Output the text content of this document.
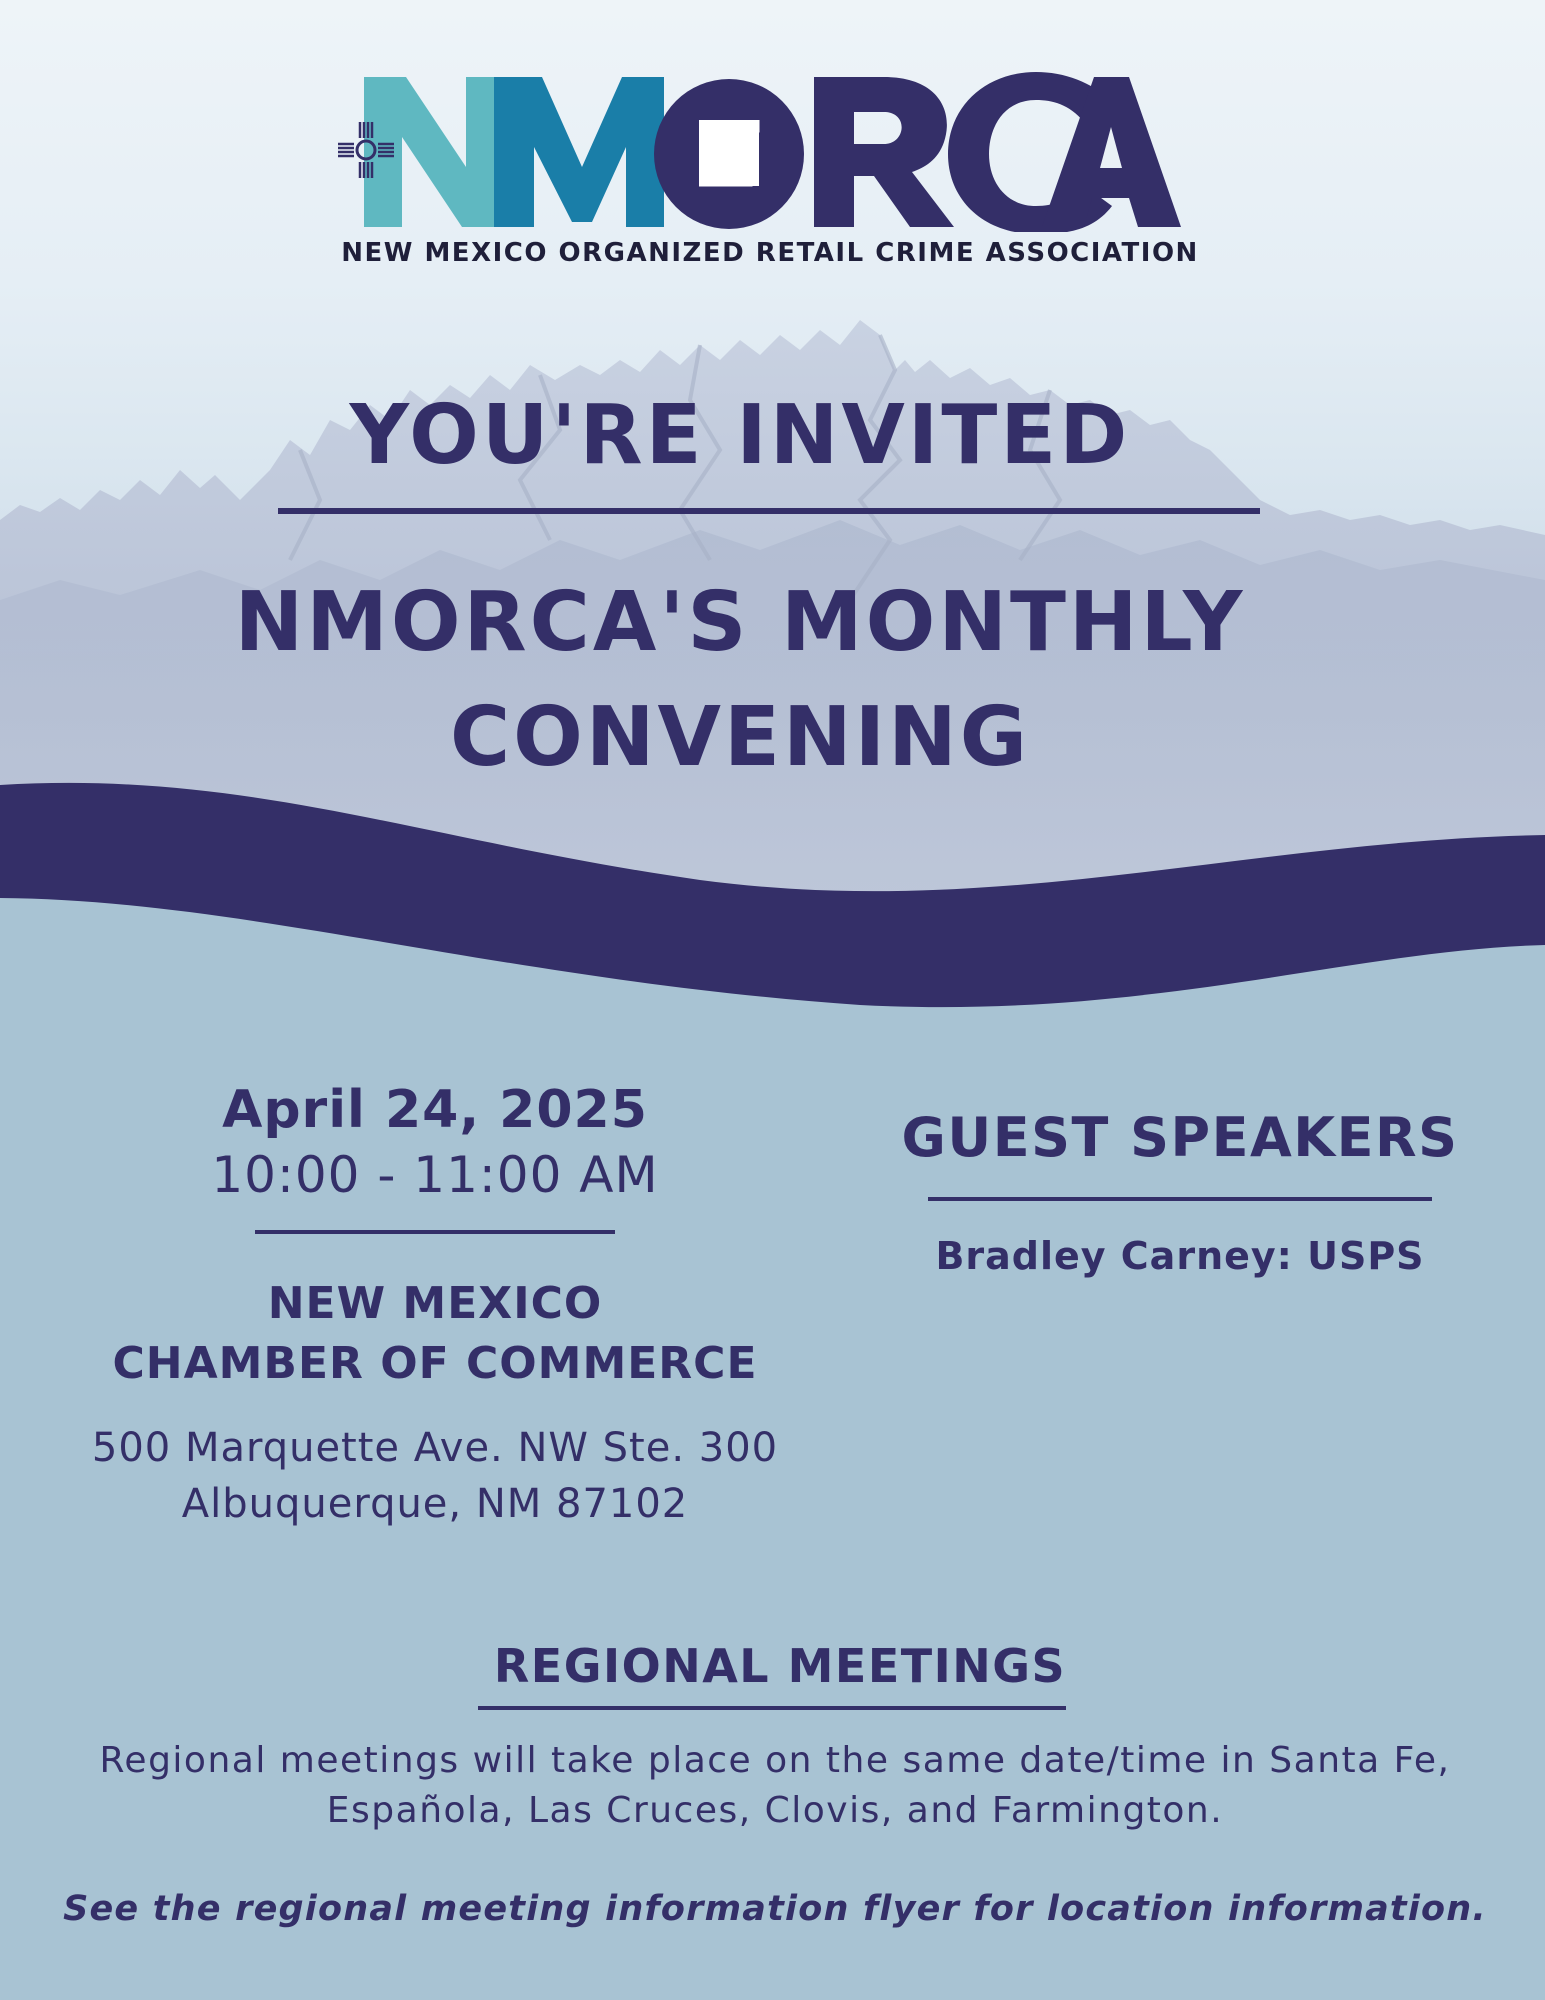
NEW MEXICO ORGANIZED RETAIL CRIME ASSOCIATION
YOU'RE INVITED
NMORCA'S MONTHLY
CONVENING

April 24, 2025

10:00 - 11:00 AM

NEW MEXICO

CHAMBER OF COMMERCE

500 Marquette Ave. NW Ste. 300

Albuquerque, NM 87102

GUEST SPEAKERS

Bradley Carney: USPS

REGIONAL MEETINGS

Regional meetings will take place on the same date/time in Santa Fe,
Española, Las Cruces, Clovis, and Farmington.

See the regional meeting information flyer for location information.
